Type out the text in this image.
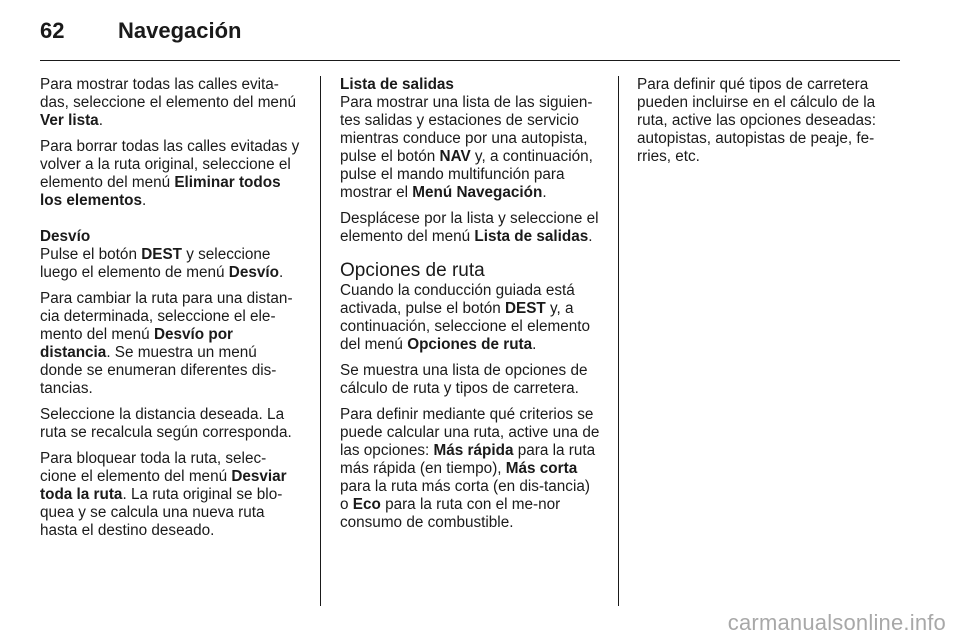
62 Navegación

Para mostrar todas las calles evita-das, seleccione el elemento del menú Ver lista.

Para borrar todas las calles evitadas y volver a la ruta original, seleccione el elemento del menú Eliminar todos los elementos.

Desvío
Pulse el botón DEST y seleccione luego el elemento de menú Desvío.

Para cambiar la ruta para una distan-cia determinada, seleccione el ele-mento del menú Desvío por distancia. Se muestra un menú donde se enumeran diferentes dis-tancias.

Seleccione la distancia deseada. La ruta se recalcula según corresponda.

Para bloquear toda la ruta, selec-cione el elemento del menú Desviar toda la ruta. La ruta original se blo-quea y se calcula una nueva ruta hasta el destino deseado.

Lista de salidas
Para mostrar una lista de las siguien-tes salidas y estaciones de servicio mientras conduce por una autopista, pulse el botón NAV y, a continuación, pulse el mando multifunción para mostrar el Menú Navegación.

Desplácese por la lista y seleccione el elemento del menú Lista de salidas.

Opciones de ruta

Cuando la conducción guiada está activada, pulse el botón DEST y, a continuación, seleccione el elemento del menú Opciones de ruta.

Se muestra una lista de opciones de cálculo de ruta y tipos de carretera.

Para definir mediante qué criterios se puede calcular una ruta, active una de las opciones: Más rápida para la ruta más rápida (en tiempo), Más corta para la ruta más corta (en dis-tancia) o Eco para la ruta con el me-nor consumo de combustible.

Para definir qué tipos de carretera pueden incluirse en el cálculo de la ruta, active las opciones deseadas: autopistas, autopistas de peaje, fe-rries, etc.

carmanualsonline.info
